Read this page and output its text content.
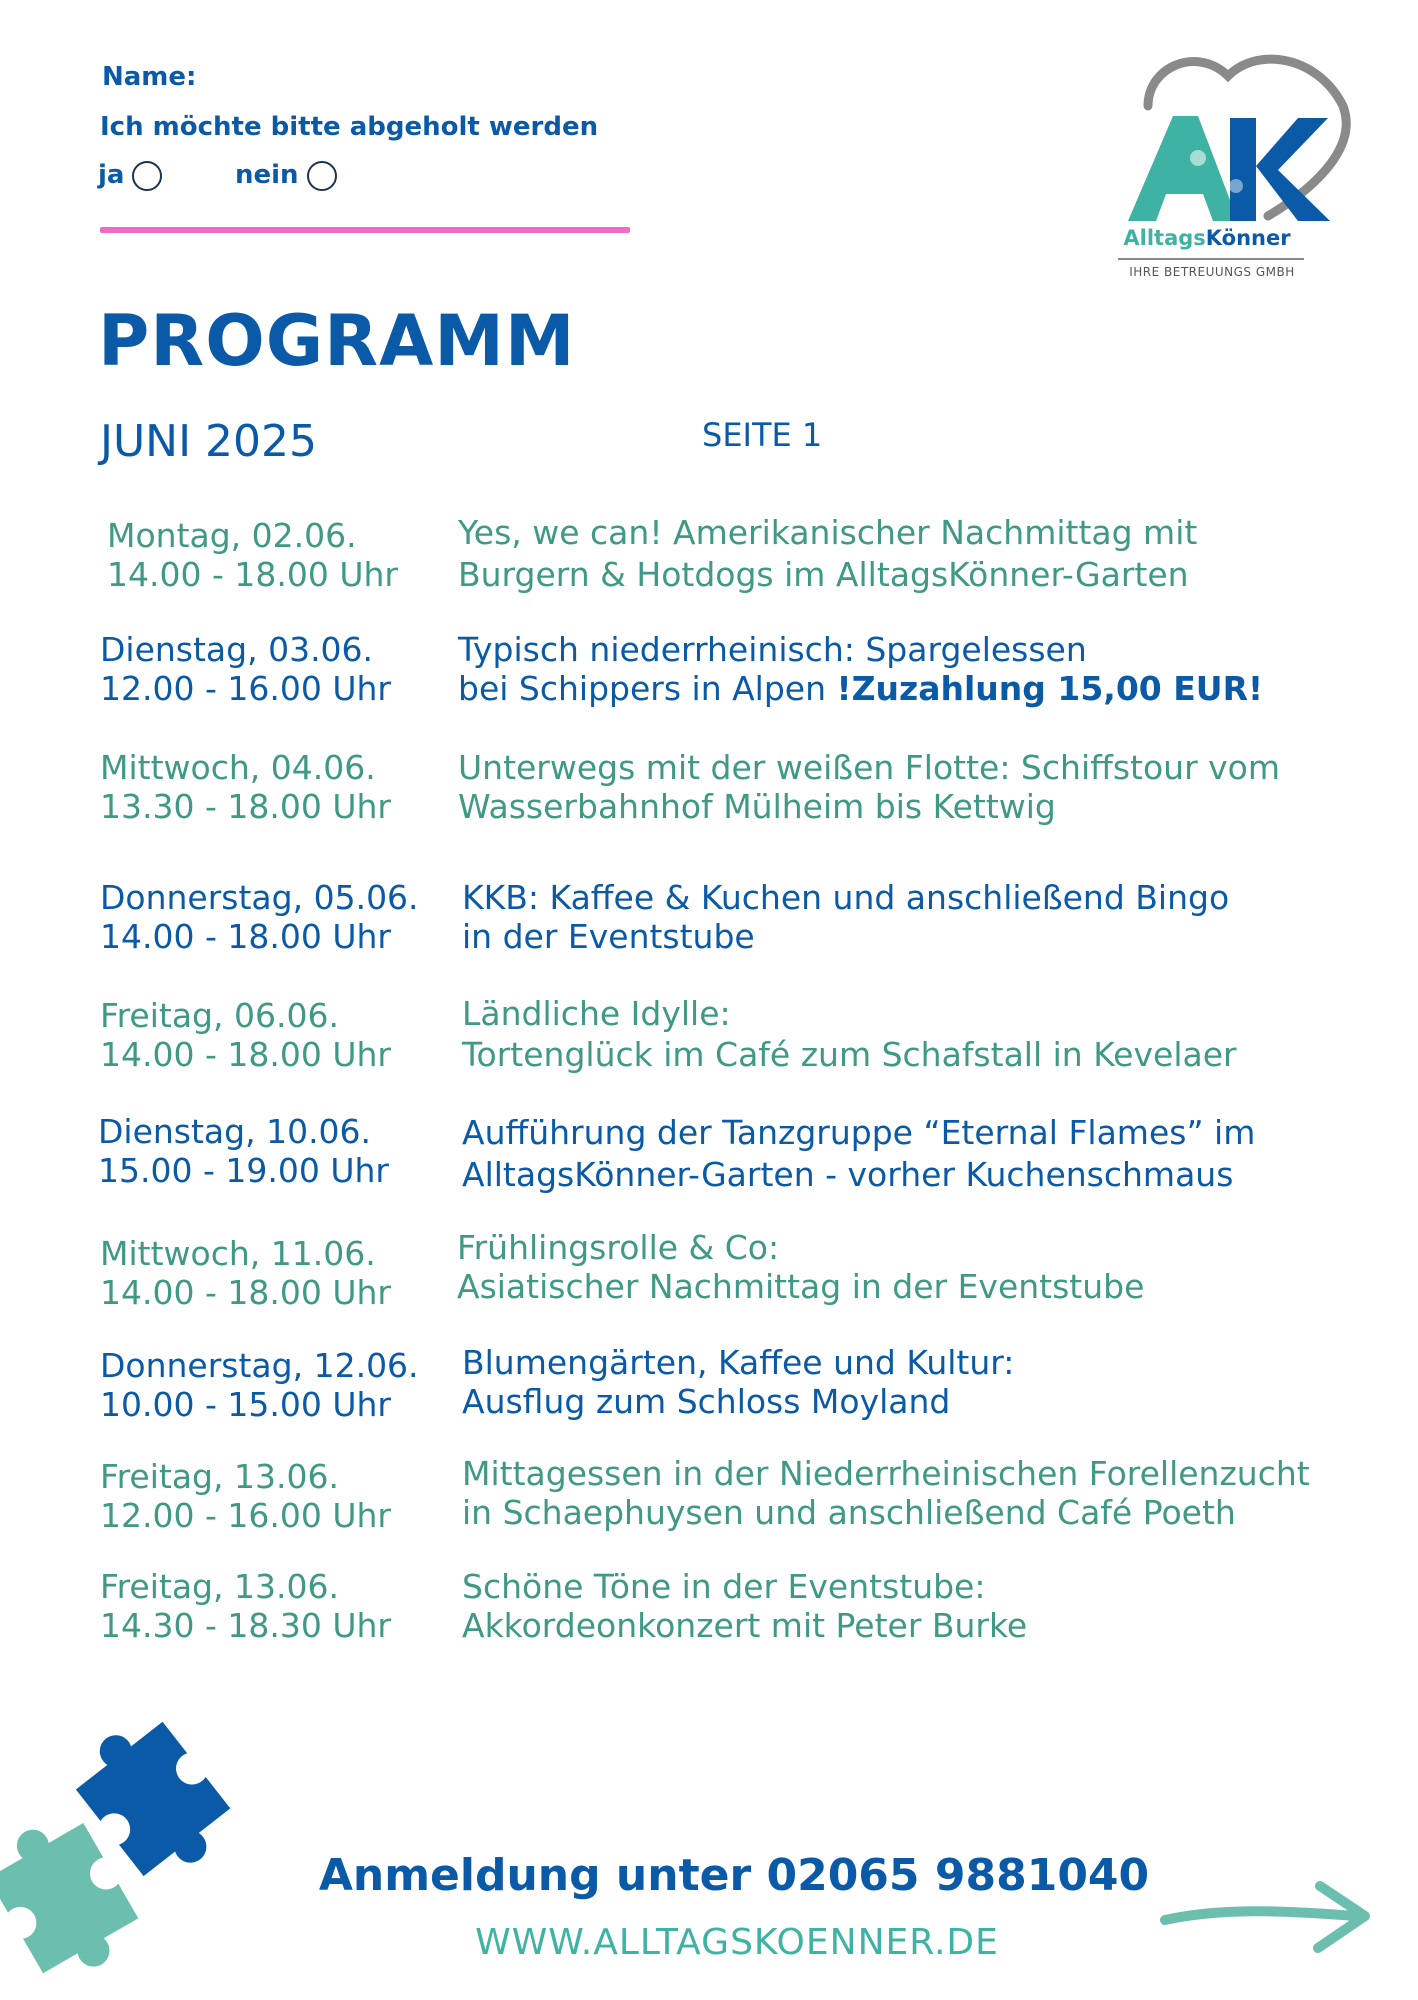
Name:
Ich möchte bitte abgeholt werden
ja	nein
AlltagsKönner
IHRE BETREUUNGS GMBH
PROGRAMM
JUNI 2025	SEITE 1
Montag, 02.06.
14.00 - 18.00 Uhr
Yes, we can! Amerikanischer Nachmittag mit
Burgern & Hotdogs im AlltagsKönner-Garten
Dienstag, 03.06.
12.00 - 16.00 Uhr
Typisch niederrheinisch: Spargelessen
bei Schippers in Alpen !Zuzahlung 15,00 EUR!
Mittwoch, 04.06.
13.30 - 18.00 Uhr
Unterwegs mit der weißen Flotte: Schiffstour vom
Wasserbahnhof Mülheim bis Kettwig
Donnerstag, 05.06.
14.00 - 18.00 Uhr
KKB: Kaffee & Kuchen und anschließend Bingo
in der Eventstube
Freitag, 06.06.
14.00 - 18.00 Uhr
Ländliche Idylle:
Tortenglück im Café zum Schafstall in Kevelaer
Dienstag, 10.06.
15.00 - 19.00 Uhr
Aufführung der Tanzgruppe “Eternal Flames” im
AlltagsKönner-Garten - vorher Kuchenschmaus
Mittwoch, 11.06.
14.00 - 18.00 Uhr
Frühlingsrolle & Co:
Asiatischer Nachmittag in der Eventstube
Donnerstag, 12.06.
10.00 - 15.00 Uhr
Blumengärten, Kaffee und Kultur:
Ausflug zum Schloss Moyland
Freitag, 13.06.
12.00 - 16.00 Uhr
Mittagessen in der Niederrheinischen Forellenzucht
in Schaephuysen und anschließend Café Poeth
Freitag, 13.06.
14.30 - 18.30 Uhr
Schöne Töne in der Eventstube:
Akkordeonkonzert mit Peter Burke
Anmeldung unter 02065 9881040
WWW.ALLTAGSKOENNER.DE
